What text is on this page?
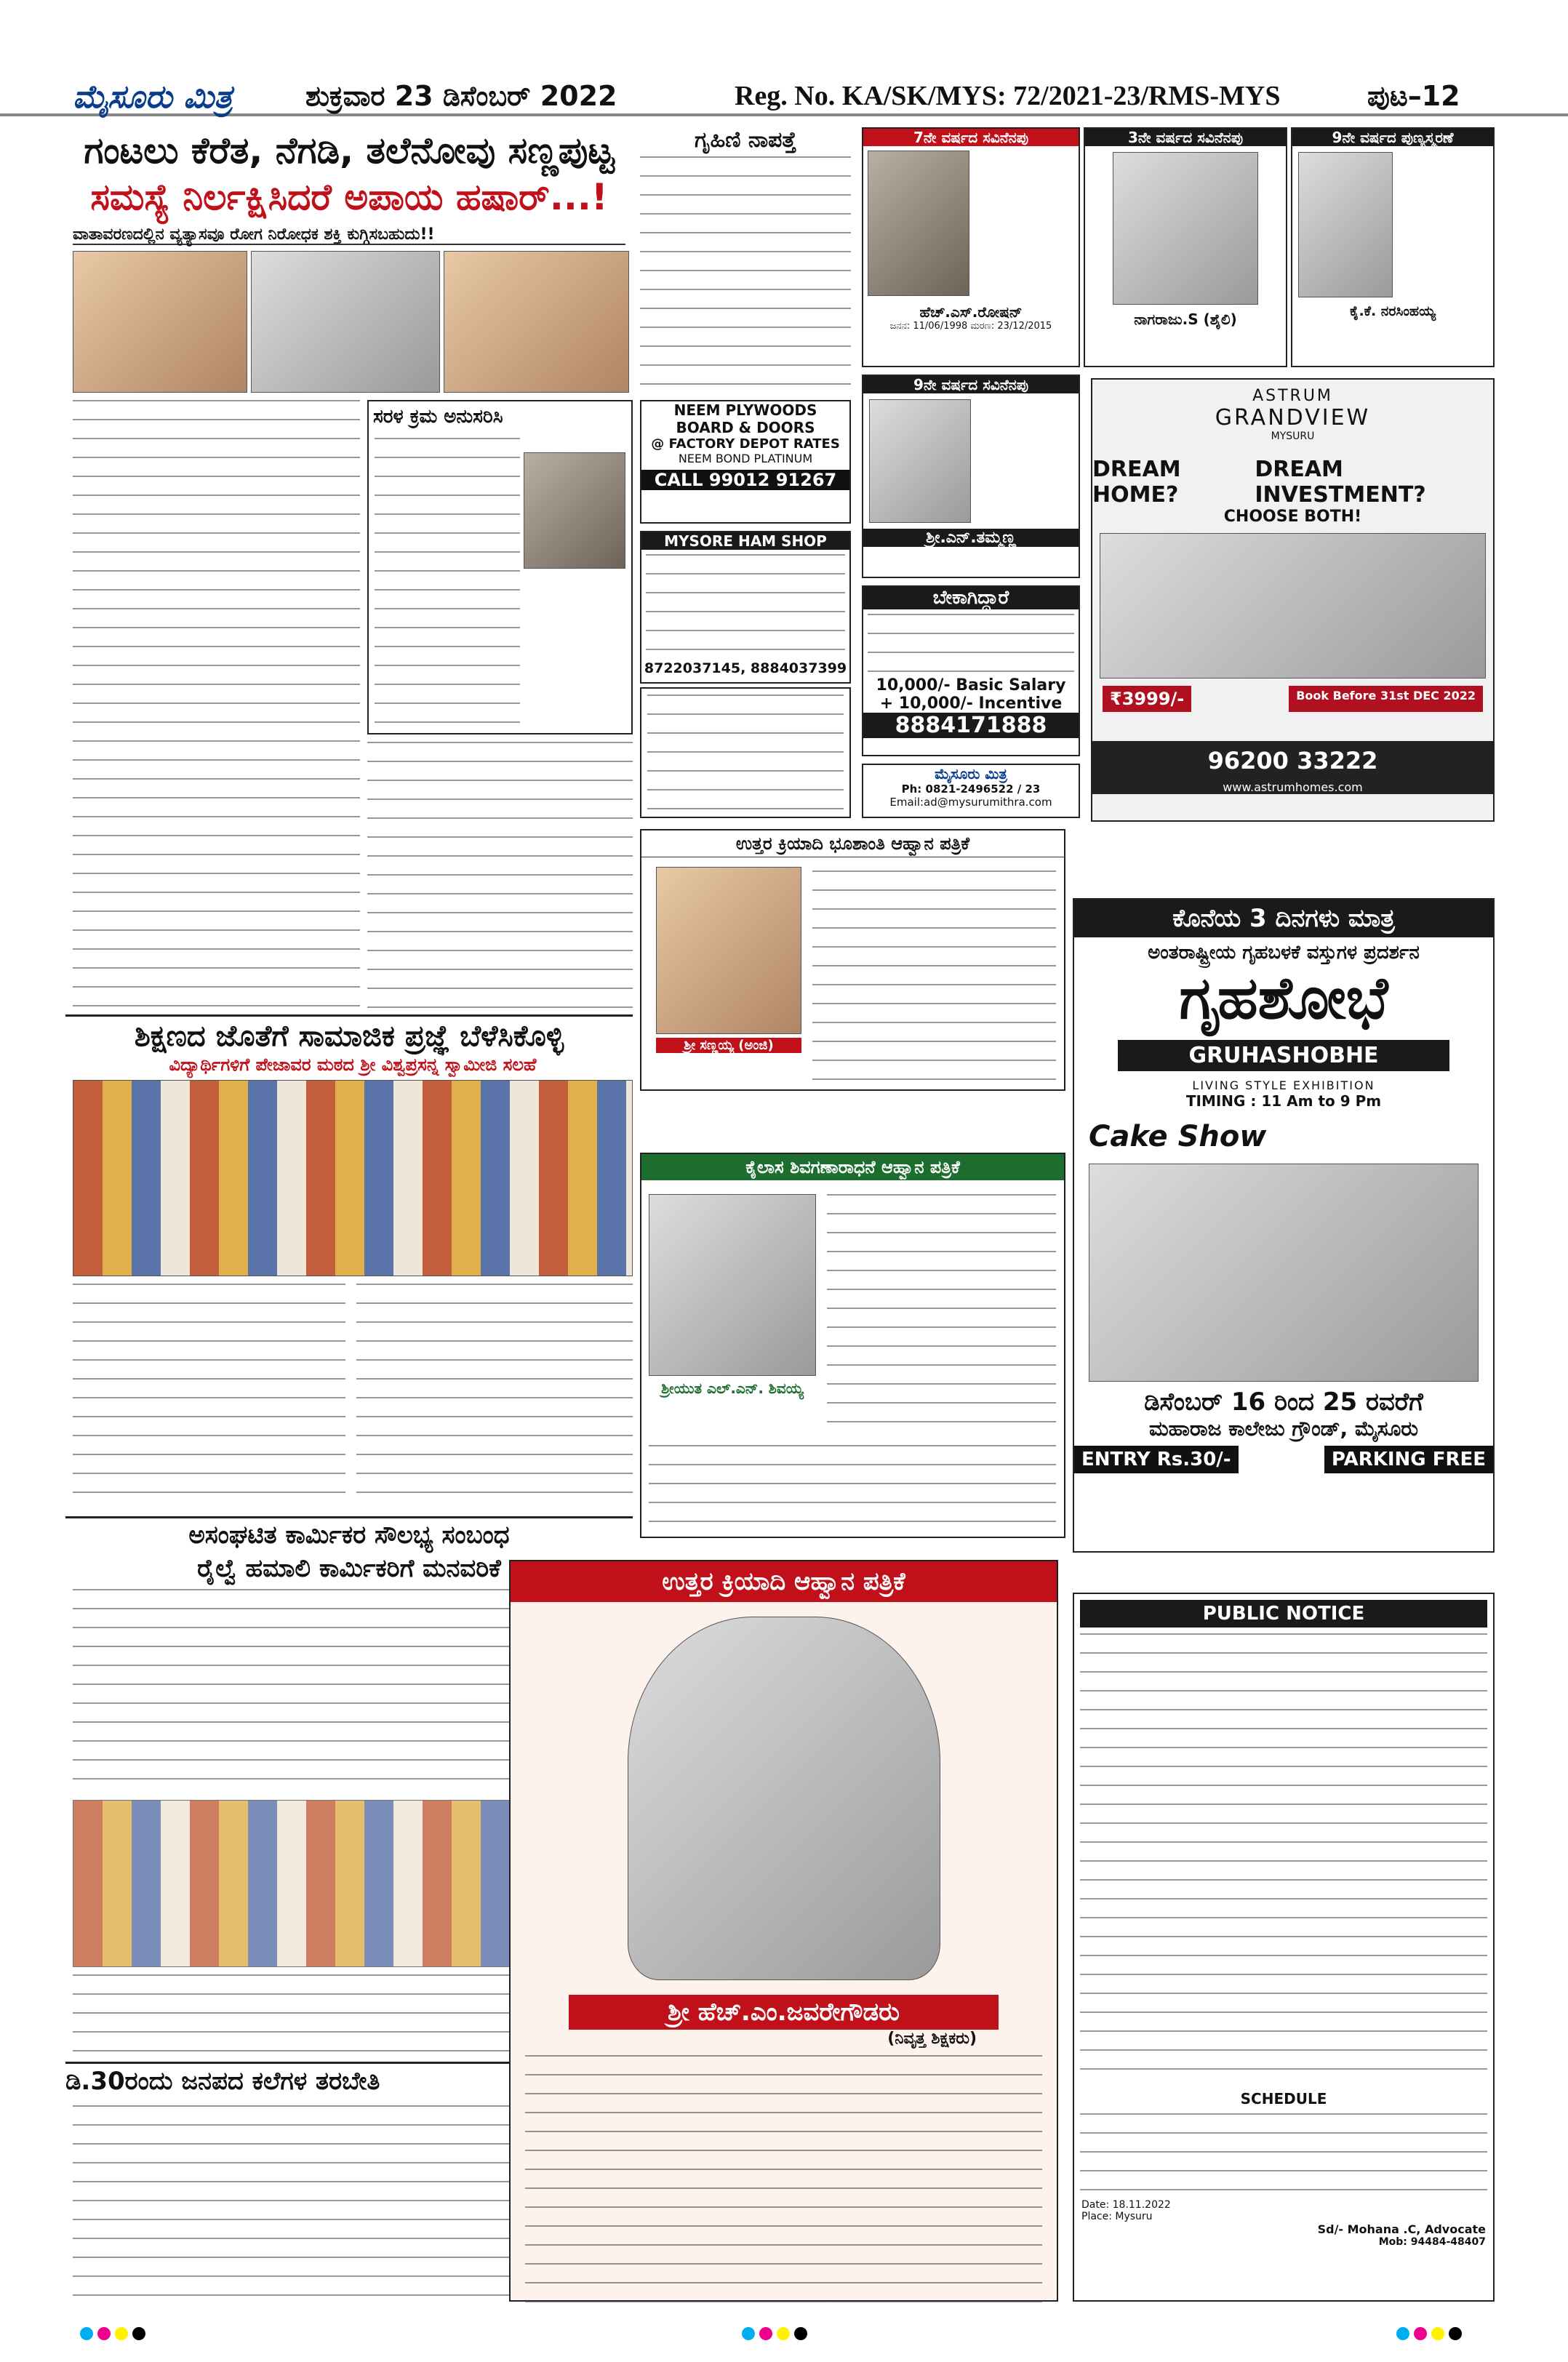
ಮೈಸೂರು ಮಿತ್ರ	ಶುಕ್ರವಾರ 23 ಡಿಸೆಂಬರ್ 2022	Reg. No. KA/SK/MYS: 72/2021-23/RMS-MYS	ಪುಟ–12
ಗಂಟಲು ಕೆರೆತ, ನೆಗಡಿ, ತಲೆನೋವು ಸಣ್ಣಪುಟ್ಟ
ಸಮಸ್ಯೆ ನಿರ್ಲಕ್ಷಿಸಿದರೆ ಅಪಾಯ ಹಷಾರ್...!
ವಾತಾವರಣದಲ್ಲಿನ ವ್ಯತ್ಯಾಸವೂ ರೋಗ ನಿರೋಧಕ ಶಕ್ತಿ ಕುಗ್ಗಿಸಬಹುದು!!
ಸರಳ ಕ್ರಮ ಅನುಸರಿಸಿ
ಶಿಕ್ಷಣದ ಜೊತೆಗೆ ಸಾಮಾಜಿಕ ಪ್ರಜ್ಞೆ ಬೆಳೆಸಿಕೊಳ್ಳಿ
ವಿದ್ಯಾರ್ಥಿಗಳಿಗೆ ಪೇಜಾವರ ಮಠದ ಶ್ರೀ ವಿಶ್ವಪ್ರಸನ್ನ ಸ್ವಾಮೀಜಿ ಸಲಹೆ
ಅಸಂಘಟಿತ ಕಾರ್ಮಿಕರ ಸೌಲಭ್ಯ ಸಂಬಂಧ
ರೈಲ್ವೆ ಹಮಾಲಿ ಕಾರ್ಮಿಕರಿಗೆ ಮನವರಿಕೆ
ಡಿ.30ರಂದು ಜನಪದ ಕಲೆಗಳ ತರಬೇತಿ
ಗೃಹಿಣಿ ನಾಪತ್ತೆ
NEEM PLYWOODS
BOARD & DOORS
@ FACTORY DEPOT RATES
NEEM BOND PLATINUM
CALL 99012 91267
MYSORE HAM SHOP
8722037145, 8884037399
7ನೇ ವರ್ಷದ ಸವಿನೆನಪು
ಹೆಚ್.ಎಸ್.ರೋಷನ್
ಜನನ: 11/06/1998 ಮರಣ: 23/12/2015
3ನೇ ವರ್ಷದ ಸವಿನೆನಪು
ನಾಗರಾಜು.S (ಶೈಲಿ)
9ನೇ ವರ್ಷದ ಪುಣ್ಯಸ್ಮರಣೆ
ಕೈ.ಕೆ. ನರಸಿಂಹಯ್ಯ
9ನೇ ವರ್ಷದ ಸವಿನೆನಪು
ಶ್ರೀ.ಎನ್.ತಮ್ಮಣ್ಣ
ಬೇಕಾಗಿದ್ದಾರೆ
10,000/- Basic Salary
+ 10,000/- Incentive
8884171888
ಮೈಸೂರು ಮಿತ್ರ
Ph: 0821-2496522 / 23
Email:ad@mysurumithra.com
ASTRUM
GRANDVIEW
MYSURU
DREAM HOME?
DREAM INVESTMENT?
CHOOSE BOTH!
₹3999/-	Book Before 31st DEC 2022
96200 33222
www.astrumhomes.com
ಉತ್ತರ ಕ್ರಿಯಾದಿ ಭೂಶಾಂತಿ ಆಹ್ವಾನ ಪತ್ರಿಕೆ
ಶ್ರೀ ಸಣ್ಣಯ್ಯ (ಅಂಜಿ)
ಕೈಲಾಸ ಶಿವಗಣಾರಾಧನೆ ಆಹ್ವಾನ ಪತ್ರಿಕೆ
ಶ್ರೀಯುತ ಎಲ್.ಎನ್. ಶಿವಯ್ಯ
ಉತ್ತರ ಕ್ರಿಯಾದಿ ಆಹ್ವಾನ ಪತ್ರಿಕೆ
ಶ್ರೀ ಹೆಚ್.ಎಂ.ಜವರೇಗೌಡರು
(ನಿವೃತ್ತ ಶಿಕ್ಷಕರು)
ಕೊನೆಯ 3 ದಿನಗಳು ಮಾತ್ರ
ಅಂತರಾಷ್ಟ್ರೀಯ ಗೃಹಬಳಕೆ ವಸ್ತುಗಳ ಪ್ರದರ್ಶನ
ಗೃಹಶೋಭೆ
GRUHASHOBHE
LIVING STYLE EXHIBITION
TIMING : 11 Am to 9 Pm
Cake Show
ಡಿಸೆಂಬರ್ 16 ರಿಂದ 25 ರವರೆಗೆ
ಮಹಾರಾಜ ಕಾಲೇಜು ಗ್ರೌಂಡ್, ಮೈಸೂರು
ENTRY Rs.30/-	PARKING FREE
PUBLIC NOTICE
SCHEDULE
Date: 18.11.2022
Place: Mysuru
Sd/- Mohana .C, Advocate
Mob: 94484-48407
